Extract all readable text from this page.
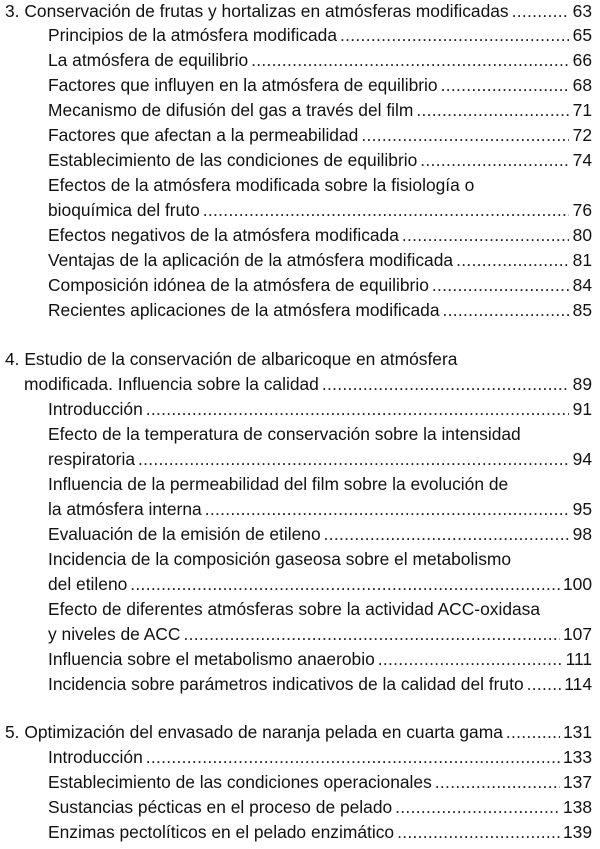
3. Conservación de frutas y hortalizas en atmósferas modificadas .....	63
Principios de la atmósfera modificada .....	65
La atmósfera de equilibrio .....	66
Factores que influyen en la atmósfera de equilibrio .....	68
Mecanismo de difusión del gas a través del film .....	71
Factores que afectan a la permeabilidad .....	72
Establecimiento de las condiciones de equilibrio .....	74
Efectos de la atmósfera modificada sobre la fisiología o
bioquímica del fruto .....	76
Efectos negativos de la atmósfera modificada .....	80
Ventajas de la aplicación de la atmósfera modificada .....	81
Composición idónea de la atmósfera de equilibrio .....	84
Recientes aplicaciones de la atmósfera modificada .....	85
4. Estudio de la conservación de albaricoque en atmósfera
modificada. Influencia sobre la calidad .....	89
Introducción .....	91
Efecto de la temperatura de conservación sobre la intensidad
respiratoria .....	94
Influencia de la permeabilidad del film sobre la evolución de
la atmósfera interna .....	95
Evaluación de la emisión de etileno .....	98
Incidencia de la composición gaseosa sobre el metabolismo
del etileno .....	100
Efecto de diferentes atmósferas sobre la actividad ACC-oxidasa
y niveles de ACC .....	107
Influencia sobre el metabolismo anaerobio .....	111
Incidencia sobre parámetros indicativos de la calidad del fruto ..... 114
5. Optimización del envasado de naranja pelada en cuarta gama .....	131
Introducción .....	133
Establecimiento de las condiciones operacionales .....	137
Sustancias pécticas en el proceso de pelado .....	138
Enzimas pectolíticos en el pelado enzimático .....	139
